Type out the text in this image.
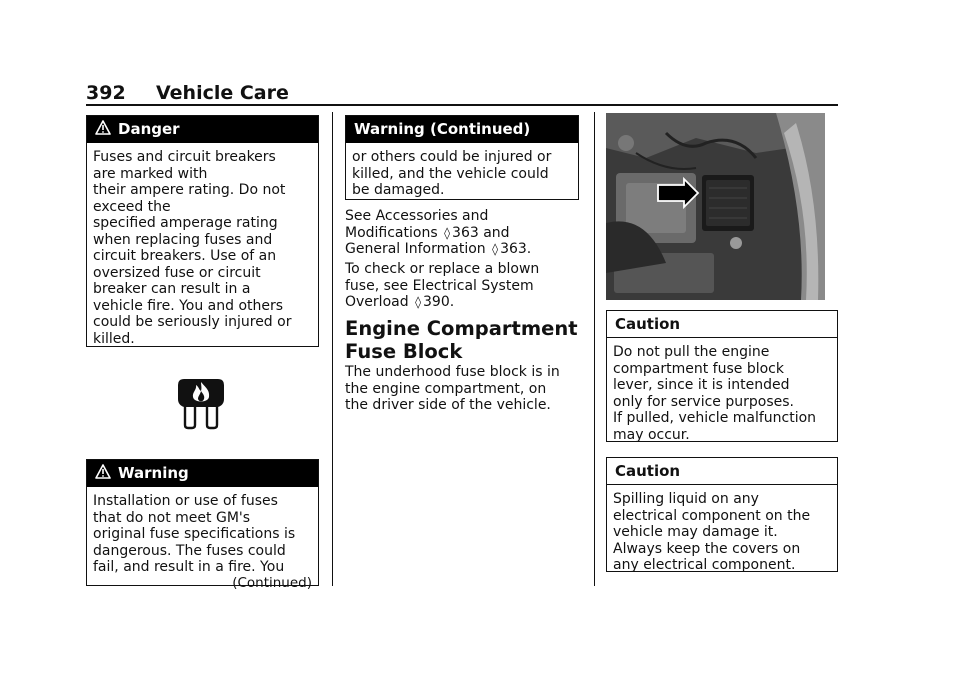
392 Vehicle Care
Danger
Fuses and circuit breakers
are marked with
their ampere rating. Do not
exceed the
specified amperage rating
when replacing fuses and
circuit breakers. Use of an
oversized fuse or circuit
breaker can result in a
vehicle fire. You and others
could be seriously injured or
killed.
Warning
Installation or use of fuses
that do not meet GM's
original fuse specifications is
dangerous. The fuses could
fail, and result in a fire. You
(Continued)
Warning (Continued)
or others could be injured or
killed, and the vehicle could
be damaged.

See Accessories and

Modifications ◊ 363 and

General Information ◊ 363.

To check or replace a blown

fuse, see Electrical System

Overload ◊ 390.

Engine Compartment
Fuse Block

The underhood fuse block is in

the engine compartment, on

the driver side of the vehicle.

Caution
Do not pull the engine
compartment fuse block
lever, since it is intended
only for service purposes.
If pulled, vehicle malfunction
may occur.
Caution
Spilling liquid on any
electrical component on the
vehicle may damage it.
Always keep the covers on
any electrical component.
